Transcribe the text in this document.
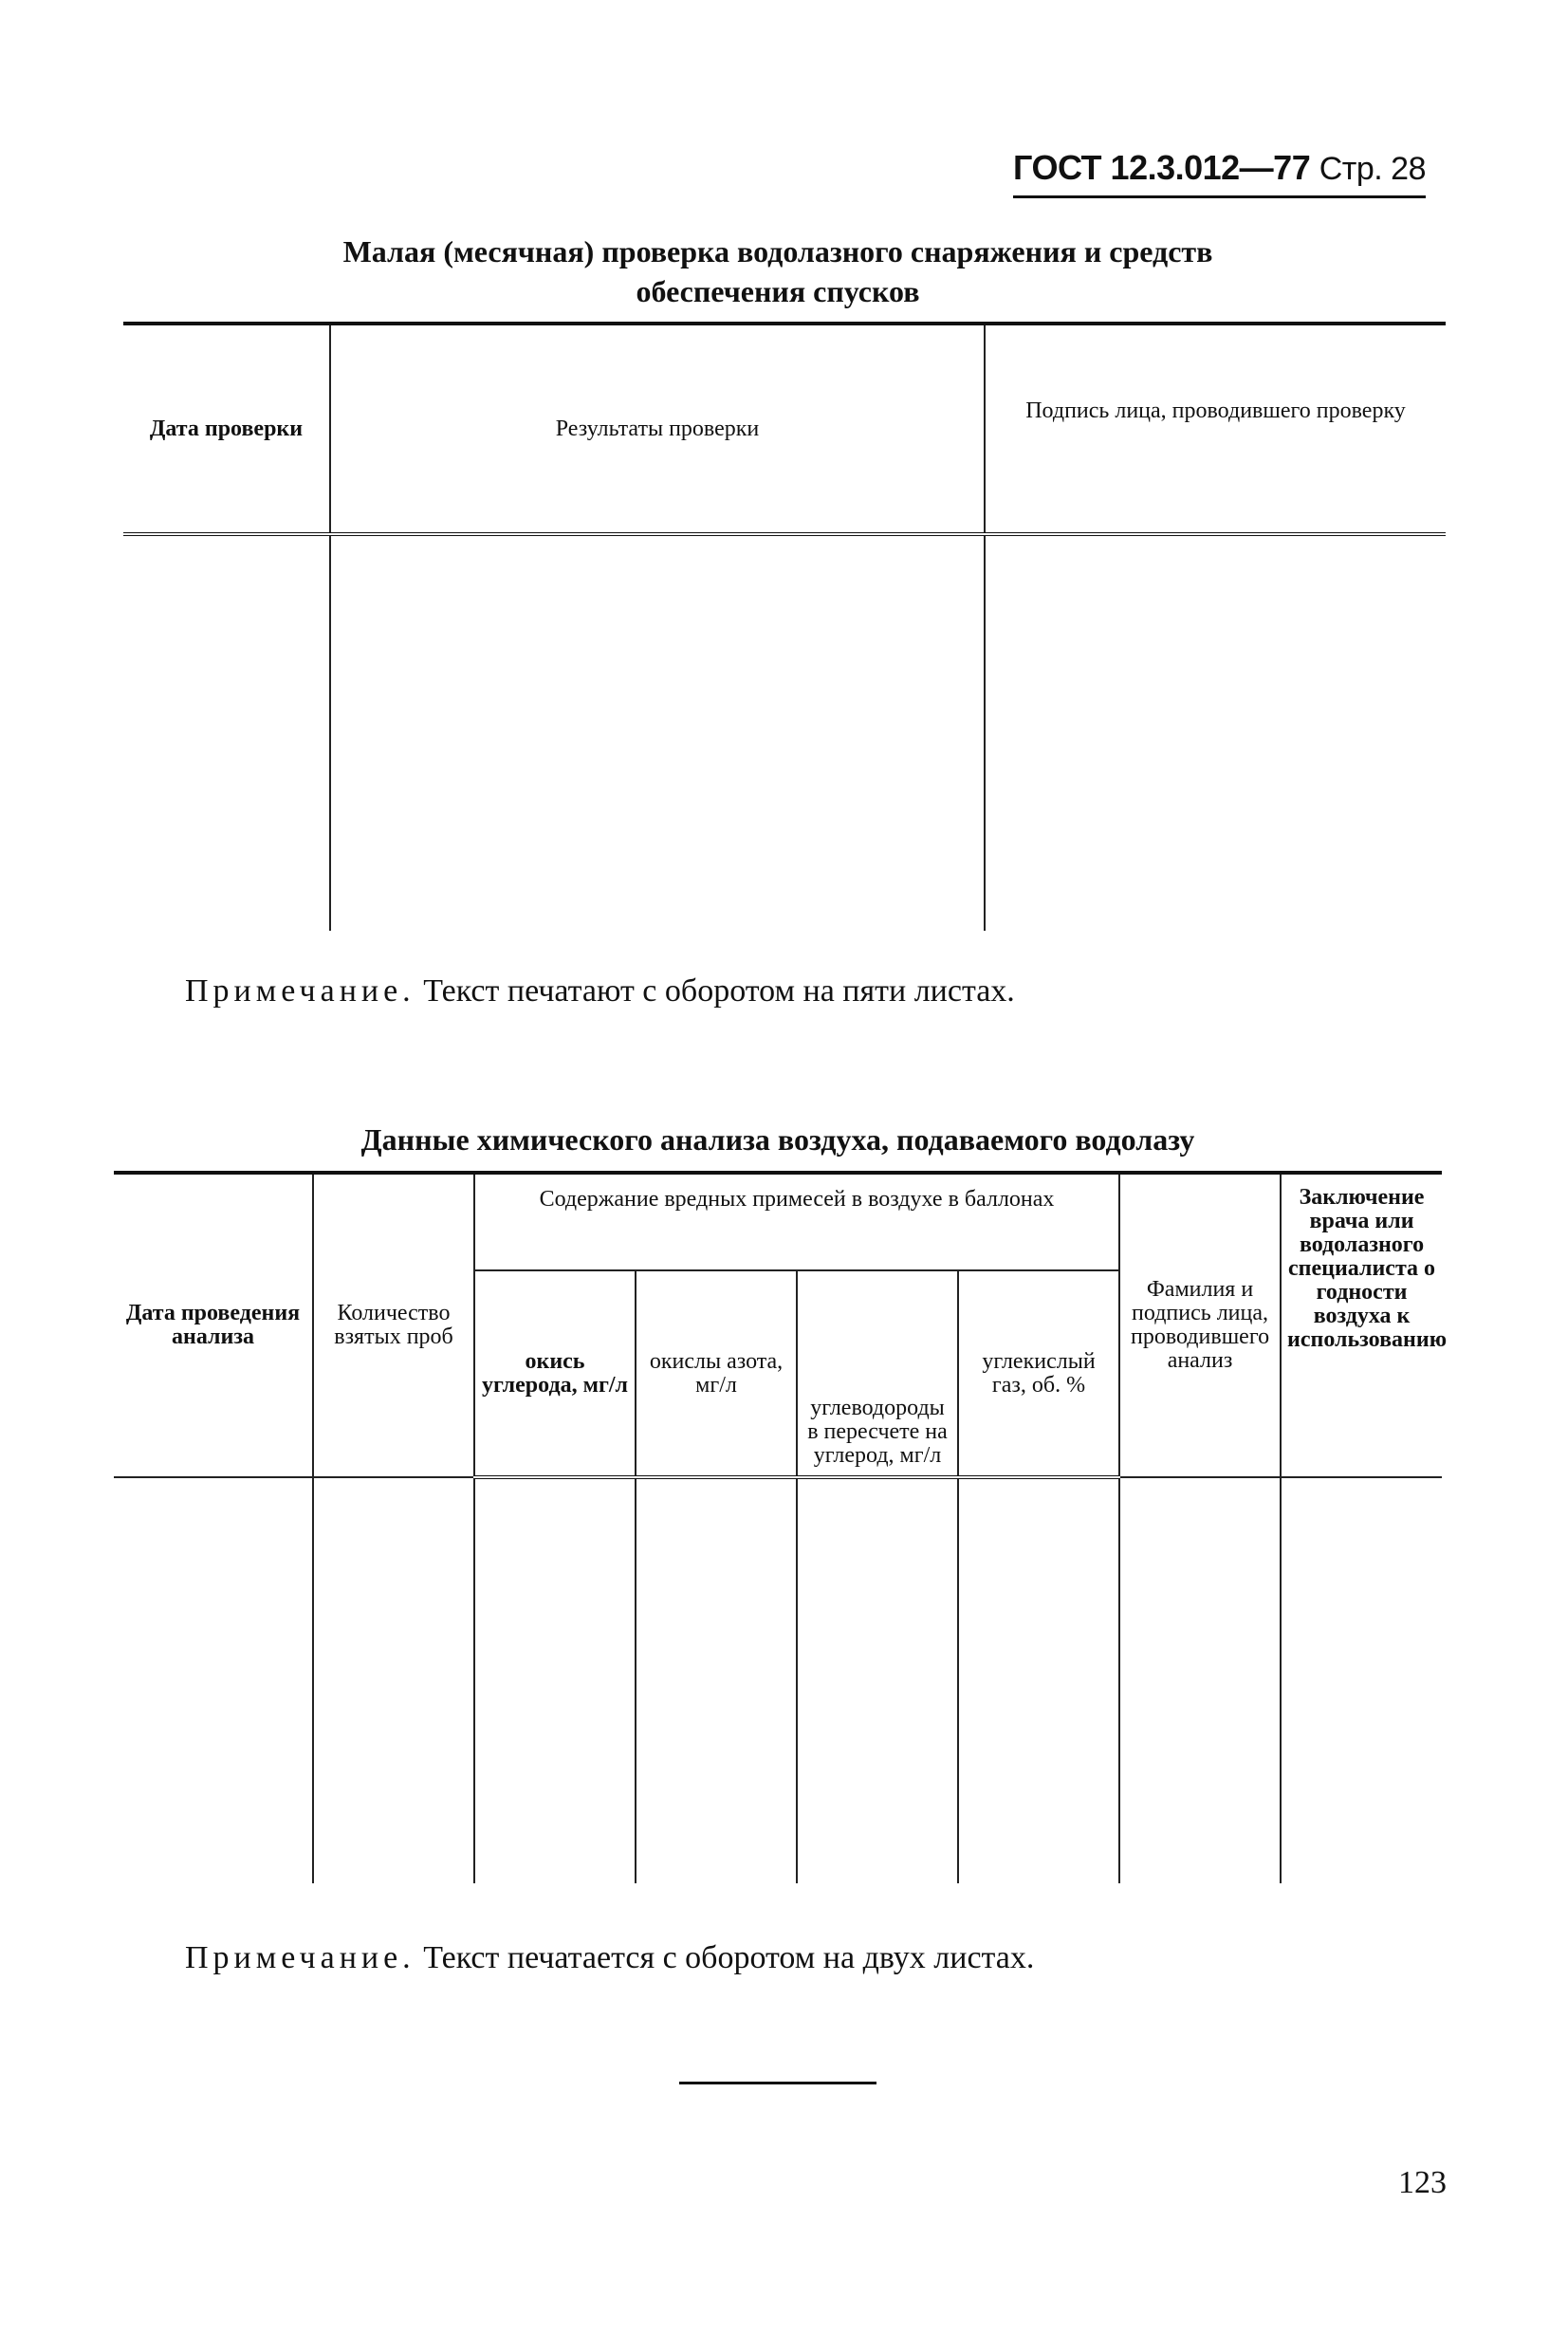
ГОСТ 12.3.012—77 Стр. 28
Малая (месячная) проверка водолазного снаряжения и средств
обеспечения спусков
Дата проверки	Результаты проверки	Подпись лица, проводившего проверку

Примечание. Текст печатают с оборотом на пяти листах.
Данные химического анализа воздуха, подаваемого водолазу
Дата проведения анализа	Количество взятых проб	Содержание вредных примесей в воздухе в баллонах				Фамилия и подпись лица, проводившего анализ	Заключение врача или водолазного специалиста о годности воздуха к использованию
		окись углерода, мг/л	окислы азота, мг/л	углеводороды в пересчете на углерод, мг/л	углекислый газ, об. %		

Примечание. Текст печатается с оборотом на двух листах.
123
